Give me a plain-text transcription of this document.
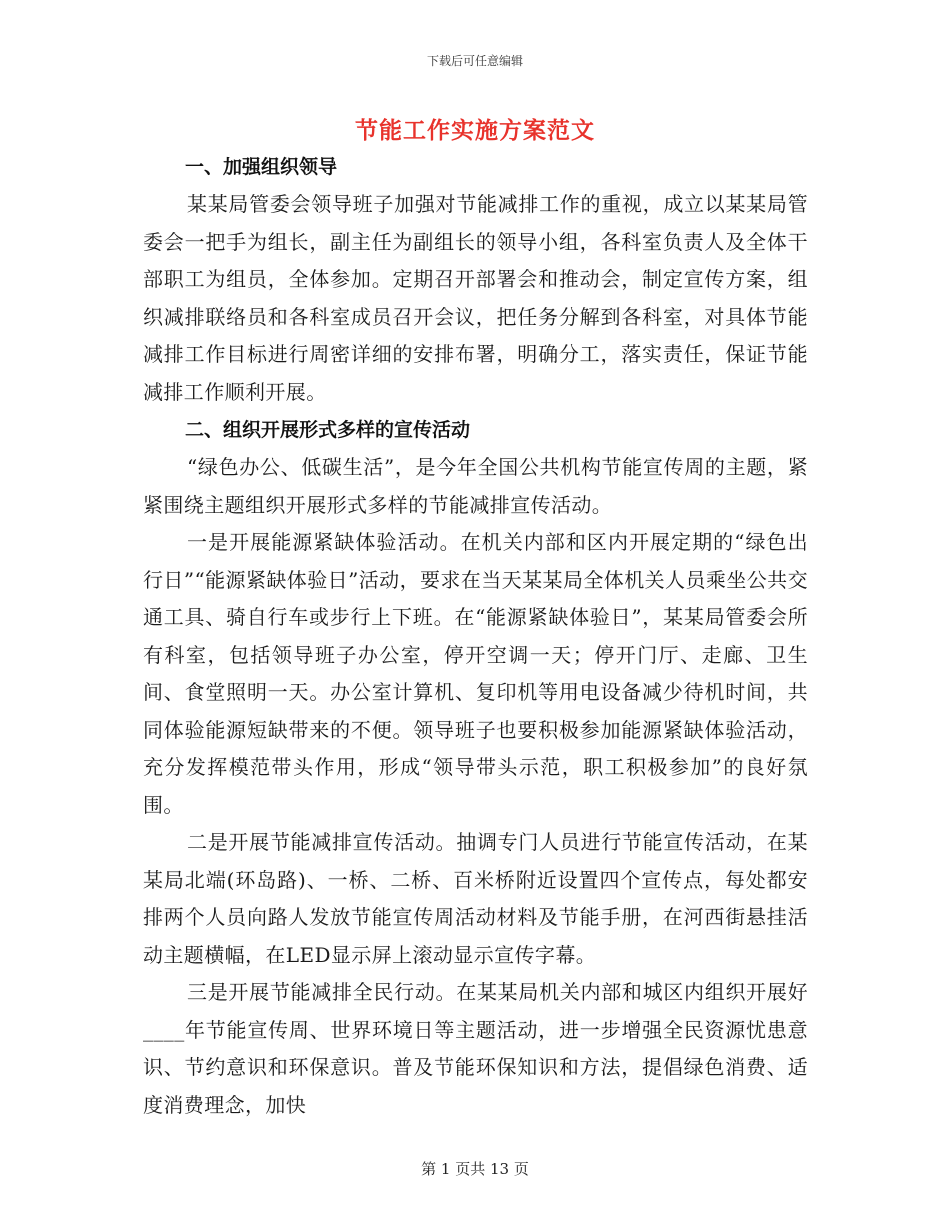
下载后可任意编辑
节能工作实施方案范文
一、加强组织领导

某某局管委会领导班子加强对节能减排工作的重视，成立以某某局管委会一把手为组长，副主任为副组长的领导小组，各科室负责人及全体干部职工为组员，全体参加。定期召开部署会和推动会，制定宣传方案，组织减排联络员和各科室成员召开会议，把任务分解到各科室，对具体节能减排工作目标进行周密详细的安排布署，明确分工，落实责任，保证节能减排工作顺利开展。

二、组织开展形式多样的宣传活动

“绿色办公、低碳生活”，是今年全国公共机构节能宣传周的主题，紧紧围绕主题组织开展形式多样的节能减排宣传活动。

一是开展能源紧缺体验活动。在机关内部和区内开展定期的“绿色出行日”“能源紧缺体验日”活动，要求在当天某某局全体机关人员乘坐公共交通工具、骑自行车或步行上下班。在“能源紧缺体验日”，某某局管委会所有科室，包括领导班子办公室，停开空调一天；停开门厅、走廊、卫生间、食堂照明一天。办公室计算机、复印机等用电设备减少待机时间，共同体验能源短缺带来的不便。领导班子也要积极参加能源紧缺体验活动，充分发挥模范带头作用，形成“领导带头示范，职工积极参加”的良好氛围。

二是开展节能减排宣传活动。抽调专门人员进行节能宣传活动，在某某局北端(环岛路)、一桥、二桥、百米桥附近设置四个宣传点，每处都安排两个人员向路人发放节能宣传周活动材料及节能手册，在河西街悬挂活动主题横幅，在LED显示屏上滚动显示宣传字幕。

三是开展节能减排全民行动。在某某局机关内部和城区内组织开展好____年节能宣传周、世界环境日等主题活动，进一步增强全民资源忧患意识、节约意识和环保意识。普及节能环保知识和方法，提倡绿色消费、适度消费理念，加快

第 1 页共 13 页
